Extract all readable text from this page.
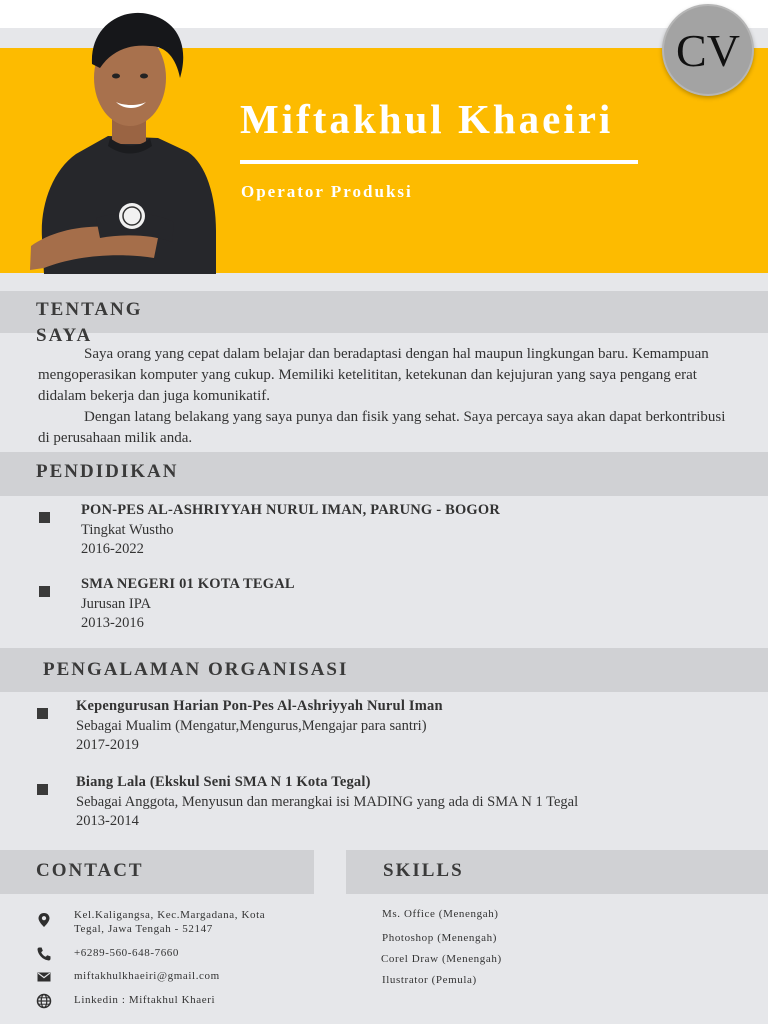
Miftakhul Khaeiri
Operator Produksi
CV
TENTANG
SAYA

Saya orang yang cepat dalam belajar dan beradaptasi dengan hal maupun lingkungan baru. Kemampuan mengoperasikan komputer yang cukup. Memiliki ketelititan, ketekunan dan kejujuran yang saya pengang erat didalam bekerja dan juga komunikatif.

Dengan latang belakang yang saya punya dan fisik yang sehat. Saya percaya saya akan dapat berkontribusi di perusahaan milik anda.

PENDIDIKAN
PON-PES AL-ASHRIYYAH NURUL IMAN, PARUNG - BOGOR
Tingkat Wustho
2016-2022
SMA NEGERI 01 KOTA TEGAL
Jurusan IPA
2013-2016
PENGALAMAN ORGANISASI
Kepengurusan Harian Pon-Pes Al-Ashriyyah Nurul Iman
Sebagai Mualim (Mengatur,Mengurus,Mengajar para santri)
2017-2019
Biang Lala (Ekskul Seni SMA N 1 Kota Tegal)
Sebagai Anggota, Menyusun dan merangkai isi MADING yang ada di SMA N 1 Tegal
2013-2014
CONTACT
Kel.Kaligangsa, Kec.Margadana, Kota
Tegal, Jawa Tengah - 52147
+6289-560-648-7660
miftakhulkhaeiri@gmail.com
Linkedin : Miftakhul Khaeri
SKILLS
Ms. Office (Menengah)
Photoshop (Menengah)
Corel Draw (Menengah)
Ilustrator (Pemula)
